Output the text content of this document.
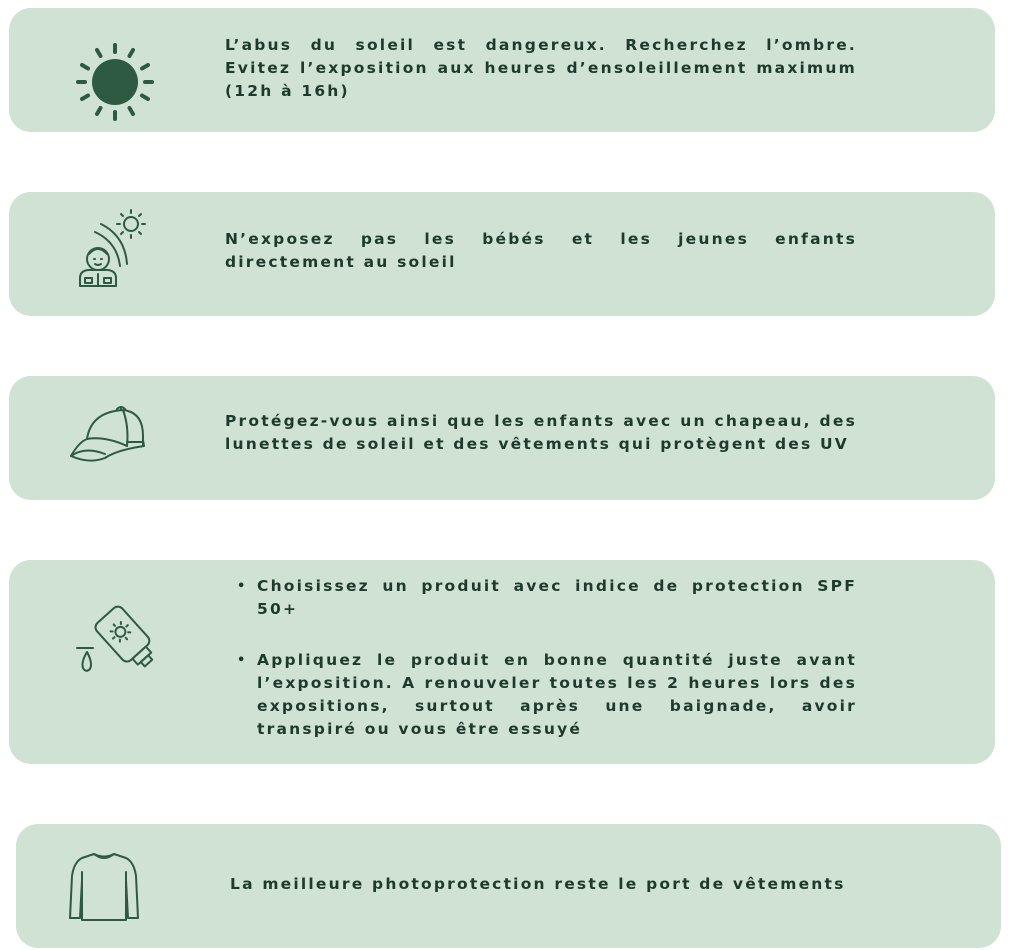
L’abus du soleil est dangereux. Recherchez l’ombre. Evitez l’exposition aux heures d’ensoleillement maximum (12h à 16h)

N’exposez pas les bébés et les jeunes enfants directement au soleil

Protégez-vous ainsi que les enfants avec un chapeau, des lunettes de soleil et des vêtements qui protègent des UV

• Choisissez un produit avec indice de protection SPF 50+
• Appliquez le produit en bonne quantité juste avant l’exposition. A renouveler toutes les 2 heures lors des expositions, surtout après une baignade, avoir transpiré ou vous être essuyé

La meilleure photoprotection reste le port de vêtements
